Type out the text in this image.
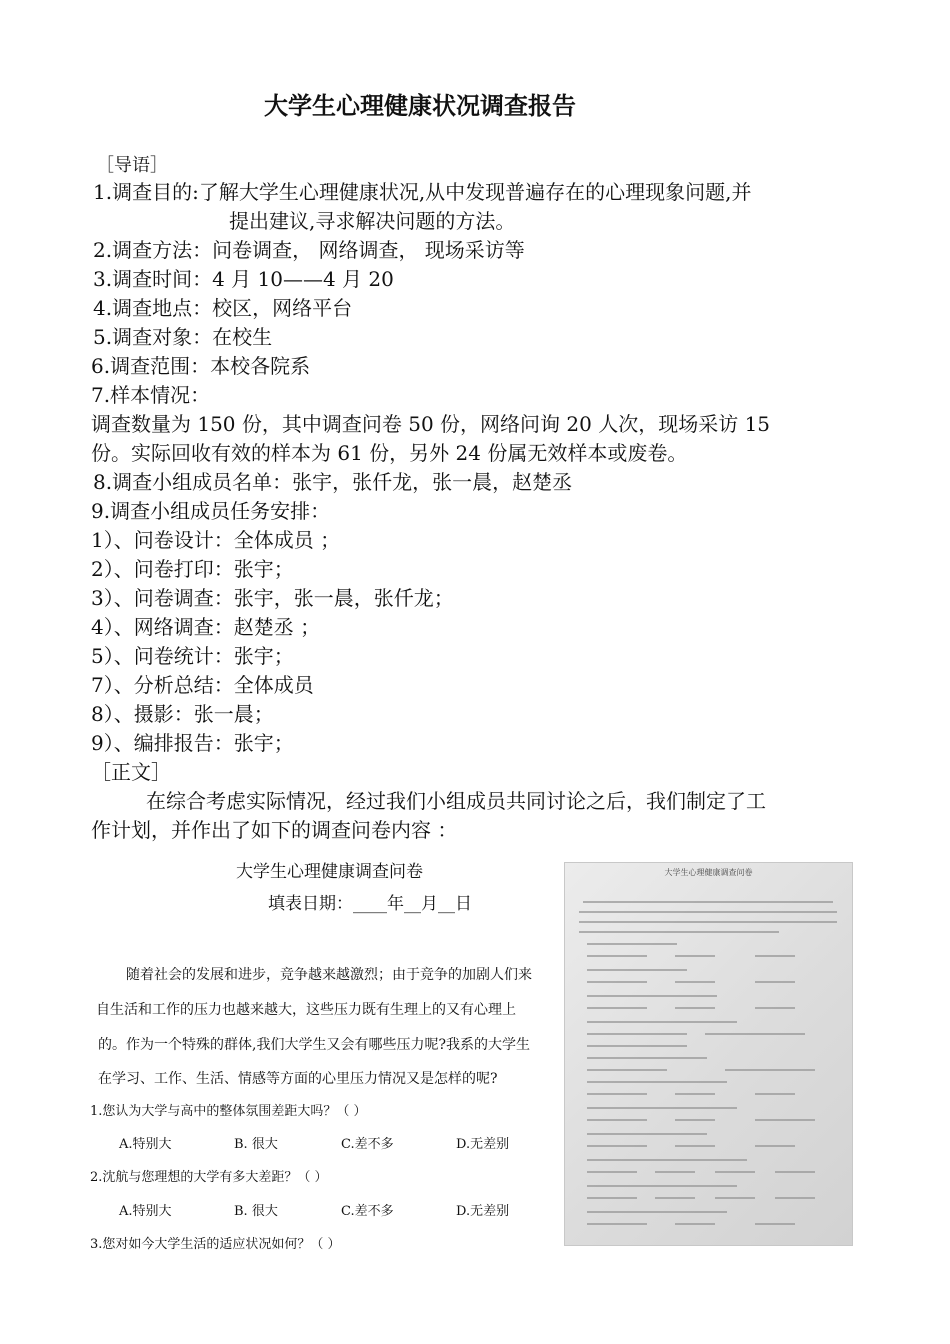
大学生心理健康状况调查报告
［导语］
1.调查目的:了解大学生心理健康状况,从中发现普遍存在的心理现象问题,并
提出建议,寻求解决问题的方法。
2.调查方法：问卷调查， 网络调查， 现场采访等
3.调查时间：4 月 10——4 月 20
4.调查地点：校区，网络平台
5.调查对象：在校生
6.调查范围：本校各院系
7.样本情况：
调查数量为 150 份，其中调查问卷 50 份，网络问询 20 人次，现场采访 15
份。实际回收有效的样本为 61 份，另外 24 份属无效样本或废卷。
8.调查小组成员名单：张宇，张仟龙，张一晨，赵楚丞
9.调查小组成员任务安排：
1）、问卷设计：全体成员 ；
2）、问卷打印：张宇；
3）、问卷调查：张宇，张一晨，张仟龙；
4）、网络调查：赵楚丞 ；
5）、问卷统计：张宇；
7）、分析总结：全体成员
8）、摄影：张一晨；
9）、编排报告：张宇；
［正文］
在综合考虑实际情况，经过我们小组成员共同讨论之后，我们制定了工
作计划，并作出了如下的调查问卷内容 ：
大学生心理健康调查问卷
填表日期：____年__月__日
随着社会的发展和进步，竞争越来越激烈；由于竞争的加剧人们来
自生活和工作的压力也越来越大，这些压力既有生理上的又有心理上
的。作为一个特殊的群体,我们大学生又会有哪些压力呢?我系的大学生
在学习、工作、生活、情感等方面的心里压力情况又是怎样的呢?
1.您认为大学与高中的整体氛围差距大吗？（ ）
A.特别大	B. 很大	C.差不多	D.无差别
2.沈航与您理想的大学有多大差距？（ ）
A.特别大	B. 很大	C.差不多	D.无差别
3.您对如今大学生活的适应状况如何？（ ）
大学生心理健康调查问卷
